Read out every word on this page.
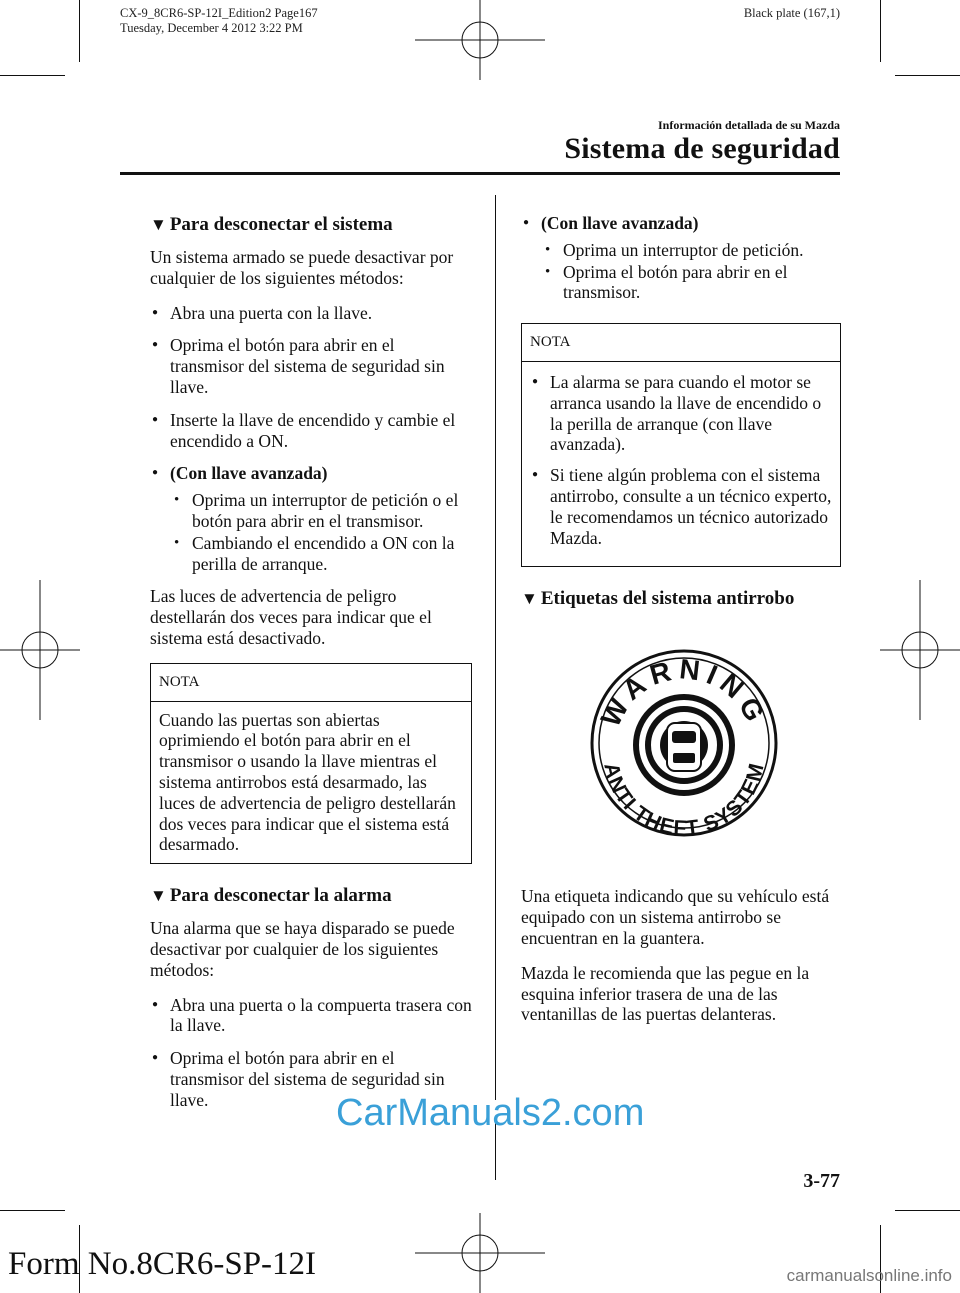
CX-9_8CR6-SP-12I_Edition2 Page167
Tuesday, December 4 2012 3:22 PM
Black plate (167,1)
Información detallada de su Mazda
Sistema de seguridad
▼ Para desconectar el sistema

Un sistema armado se puede desactivar por cualquier de los siguientes métodos:

● Abra una puerta con la llave.
● Oprima el botón para abrir en el transmisor del sistema de seguridad sin llave.
● Inserte la llave de encendido y cambie el encendido a ON.
● (Con llave avanzada)
• Oprima un interruptor de petición o el botón para abrir en el transmisor.
• Cambiando el encendido a ON con la perilla de arranque.

Las luces de advertencia de peligro destellarán dos veces para indicar que el sistema está desactivado.

NOTA
Cuando las puertas son abiertas oprimiendo el botón para abrir en el transmisor o usando la llave mientras el sistema antirrobos está desarmado, las luces de advertencia de peligro destellarán dos veces para indicar que el sistema está desarmado.
▼ Para desconectar la alarma

Una alarma que se haya disparado se puede desactivar por cualquier de los siguientes métodos:

● Abra una puerta o la compuerta trasera con la llave.
● Oprima el botón para abrir en el transmisor del sistema de seguridad sin llave.
● (Con llave avanzada)
• Oprima un interruptor de petición.
• Oprima el botón para abrir en el transmisor.
NOTA
● La alarma se para cuando el motor se arranca usando la llave de encendido o la perilla de arranque (con llave avanzada).
● Si tiene algún problema con el sistema antirrobo, consulte a un técnico experto, le recomendamos un técnico autorizado Mazda.
▼ Etiquetas del sistema antirrobo
WARNING
ANTI THEFT SYSTEM

Una etiqueta indicando que su vehículo está equipado con un sistema antirrobo se encuentran en la guantera.

Mazda le recomienda que las pegue en la esquina inferior trasera de una de las ventanillas de las puertas delanteras.

3-77
Form No.8CR6-SP-12I
CarManuals2.com
carmanualsonline.info
